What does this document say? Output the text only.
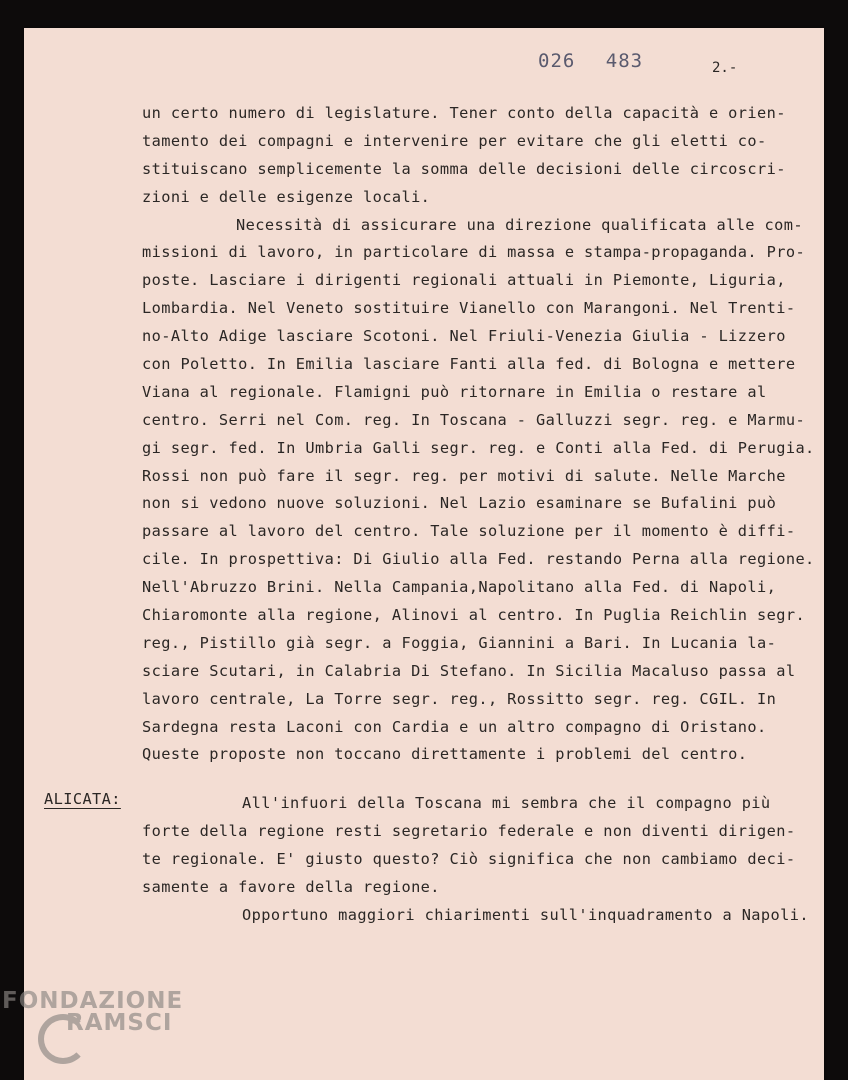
026 483	2.-
un certo numero di legislature. Tener conto della capacità e orien-
tamento dei compagni e intervenire per evitare che gli eletti co-
stituiscano semplicemente la somma delle decisioni delle circoscri-
zioni e delle esigenze locali.
Necessità di assicurare una direzione qualificata alle com-
missioni di lavoro, in particolare di massa e stampa-propaganda. Pro-
poste. Lasciare i dirigenti regionali attuali in Piemonte, Liguria,
Lombardia. Nel Veneto sostituire Vianello con Marangoni. Nel Trenti-
no-Alto Adige lasciare Scotoni. Nel Friuli-Venezia Giulia - Lizzero
con Poletto. In Emilia lasciare Fanti alla fed. di Bologna e mettere
Viana al regionale. Flamigni può ritornare in Emilia o restare al
centro. Serri nel Com. reg. In Toscana - Galluzzi segr. reg. e Marmu-
gi segr. fed. In Umbria Galli segr. reg. e Conti alla Fed. di Perugia.
Rossi non può fare il segr. reg. per motivi di salute. Nelle Marche
non si vedono nuove soluzioni. Nel Lazio esaminare se Bufalini può
passare al lavoro del centro. Tale soluzione per il momento è diffi-
cile. In prospettiva: Di Giulio alla Fed. restando Perna alla regione.
Nell'Abruzzo Brini. Nella Campania,Napolitano alla Fed. di Napoli,
Chiaromonte alla regione, Alinovi al centro. In Puglia Reichlin segr.
reg., Pistillo già segr. a Foggia, Giannini a Bari. In Lucania la-
sciare Scutari, in Calabria Di Stefano. In Sicilia Macaluso passa al
lavoro centrale, La Torre segr. reg., Rossitto segr. reg. CGIL. In
Sardegna resta Laconi con Cardia e un altro compagno di Oristano.
Queste proposte non toccano direttamente i problemi del centro.
ALICATA:	All'infuori della Toscana mi sembra che il compagno più
forte della regione resti segretario federale e non diventi dirigen-
te regionale. E' giusto questo? Ciò significa che non cambiamo deci-
samente a favore della regione.
Opportuno maggiori chiarimenti sull'inquadramento a Napoli.
FONDAZIONE
RAMSCI
